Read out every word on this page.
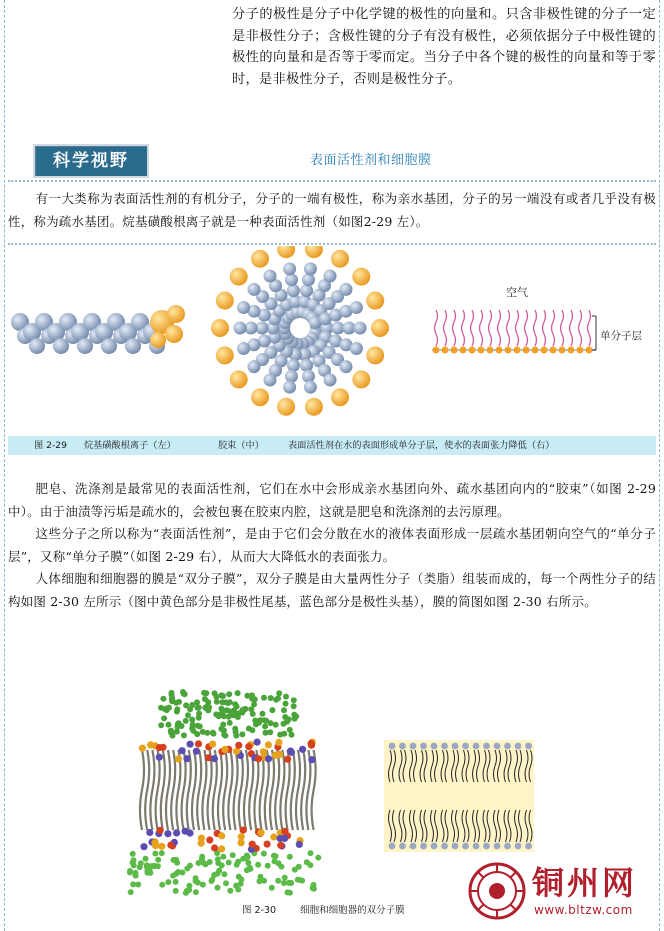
分子的极性是分子中化学键的极性的向量和。只含非极性键的分子一定是非极性分子；含极性键的分子有没有极性，必须依据分子中极性键的极性的向量和是否等于零而定。当分子中各个键的极性的向量和等于零时，是非极性分子，否则是极性分子。

科学视野	表面活性剂和细胞膜

有一大类称为表面活性剂的有机分子，分子的一端有极性，称为亲水基团，分子的另一端没有或者几乎没有极性，称为疏水基团。烷基磺酸根离子就是一种表面活性剂（如图2-29 左）。

空气
单分子层
图 2-29 烷基磺酸根离子（左）	胶束（中）	表面活性剂在水的表面形成单分子层，使水的表面张力降低（右）

肥皂、洗涤剂是最常见的表面活性剂，它们在水中会形成亲水基团向外、疏水基团向内的“胶束”（如图 2-29 中）。由于油渍等污垢是疏水的，会被包裹在胶束内腔，这就是肥皂和洗涤剂的去污原理。

这些分子之所以称为“表面活性剂”，是由于它们会分散在水的液体表面形成一层疏水基团朝向空气的“单分子层”，又称“单分子膜”（如图 2-29 右），从而大大降低水的表面张力。

人体细胞和细胞器的膜是“双分子膜”，双分子膜是由大量两性分子（类脂）组装而成的，每一个两性分子的结构如图 2-30 左所示（图中黄色部分是非极性尾基，蓝色部分是极性头基），膜的简图如图 2-30 右所示。

图 2-30	细胞和细胞器的双分子膜
铜州网
www.bltzw.com
